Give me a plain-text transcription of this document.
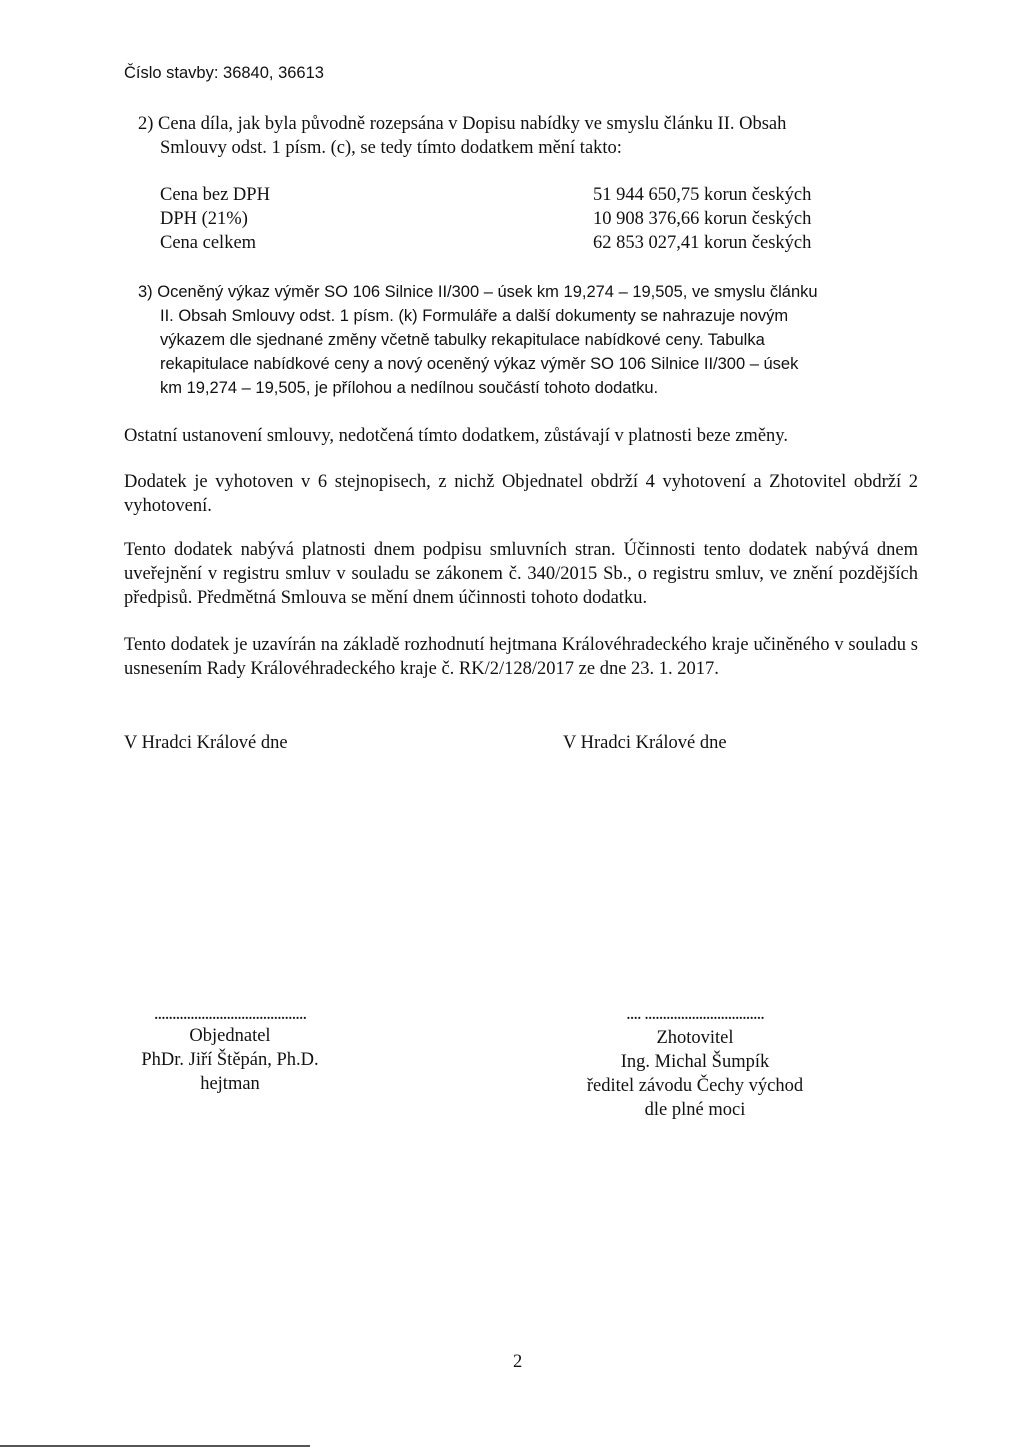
Číslo stavby: 36840, 36613
2) Cena díla, jak byla původně rozepsána v Dopisu nabídky ve smyslu článku II. Obsah
Smlouvy odst. 1 písm. (c), se tedy tímto dodatkem mění takto:
Cena bez DPH	51 944 650,75 korun českých
DPH (21%)	10 908 376,66 korun českých
Cena celkem	62 853 027,41 korun českých
3) Oceněný výkaz výměr SO 106 Silnice II/300 – úsek km 19,274 – 19,505, ve smyslu článku
II. Obsah Smlouvy odst. 1 písm. (k) Formuláře a další dokumenty se nahrazuje novým
výkazem dle sjednané změny včetně tabulky rekapitulace nabídkové ceny. Tabulka
rekapitulace nabídkové ceny a nový oceněný výkaz výměr SO 106 Silnice II/300 – úsek
km 19,274 – 19,505, je přílohou a nedílnou součástí tohoto dodatku.
Ostatní ustanovení smlouvy, nedotčená tímto dodatkem, zůstávají v platnosti beze změny.
Dodatek je vyhotoven v 6 stejnopisech, z nichž Objednatel obdrží 4 vyhotovení a Zhotovitel obdrží 2 vyhotovení.
Tento dodatek nabývá platnosti dnem podpisu smluvních stran. Účinnosti tento dodatek nabývá dnem uveřejnění v registru smluv v souladu se zákonem č. 340/2015 Sb., o registru smluv, ve znění pozdějších předpisů. Předmětná Smlouva se mění dnem účinnosti tohoto dodatku.
Tento dodatek je uzavírán na základě rozhodnutí hejtmana Královéhradeckého kraje učiněného v souladu s usnesením Rady Královéhradeckého kraje č. RK/2/128/2017 ze dne 23. 1. 2017.
V Hradci Králové dne	V Hradci Králové dne
..........................................
Objednatel
PhDr. Jiří Štěpán, Ph.D.
hejtman
.... .................................
Zhotovitel
Ing. Michal Šumpík
ředitel závodu Čechy východ
dle plné moci
2
